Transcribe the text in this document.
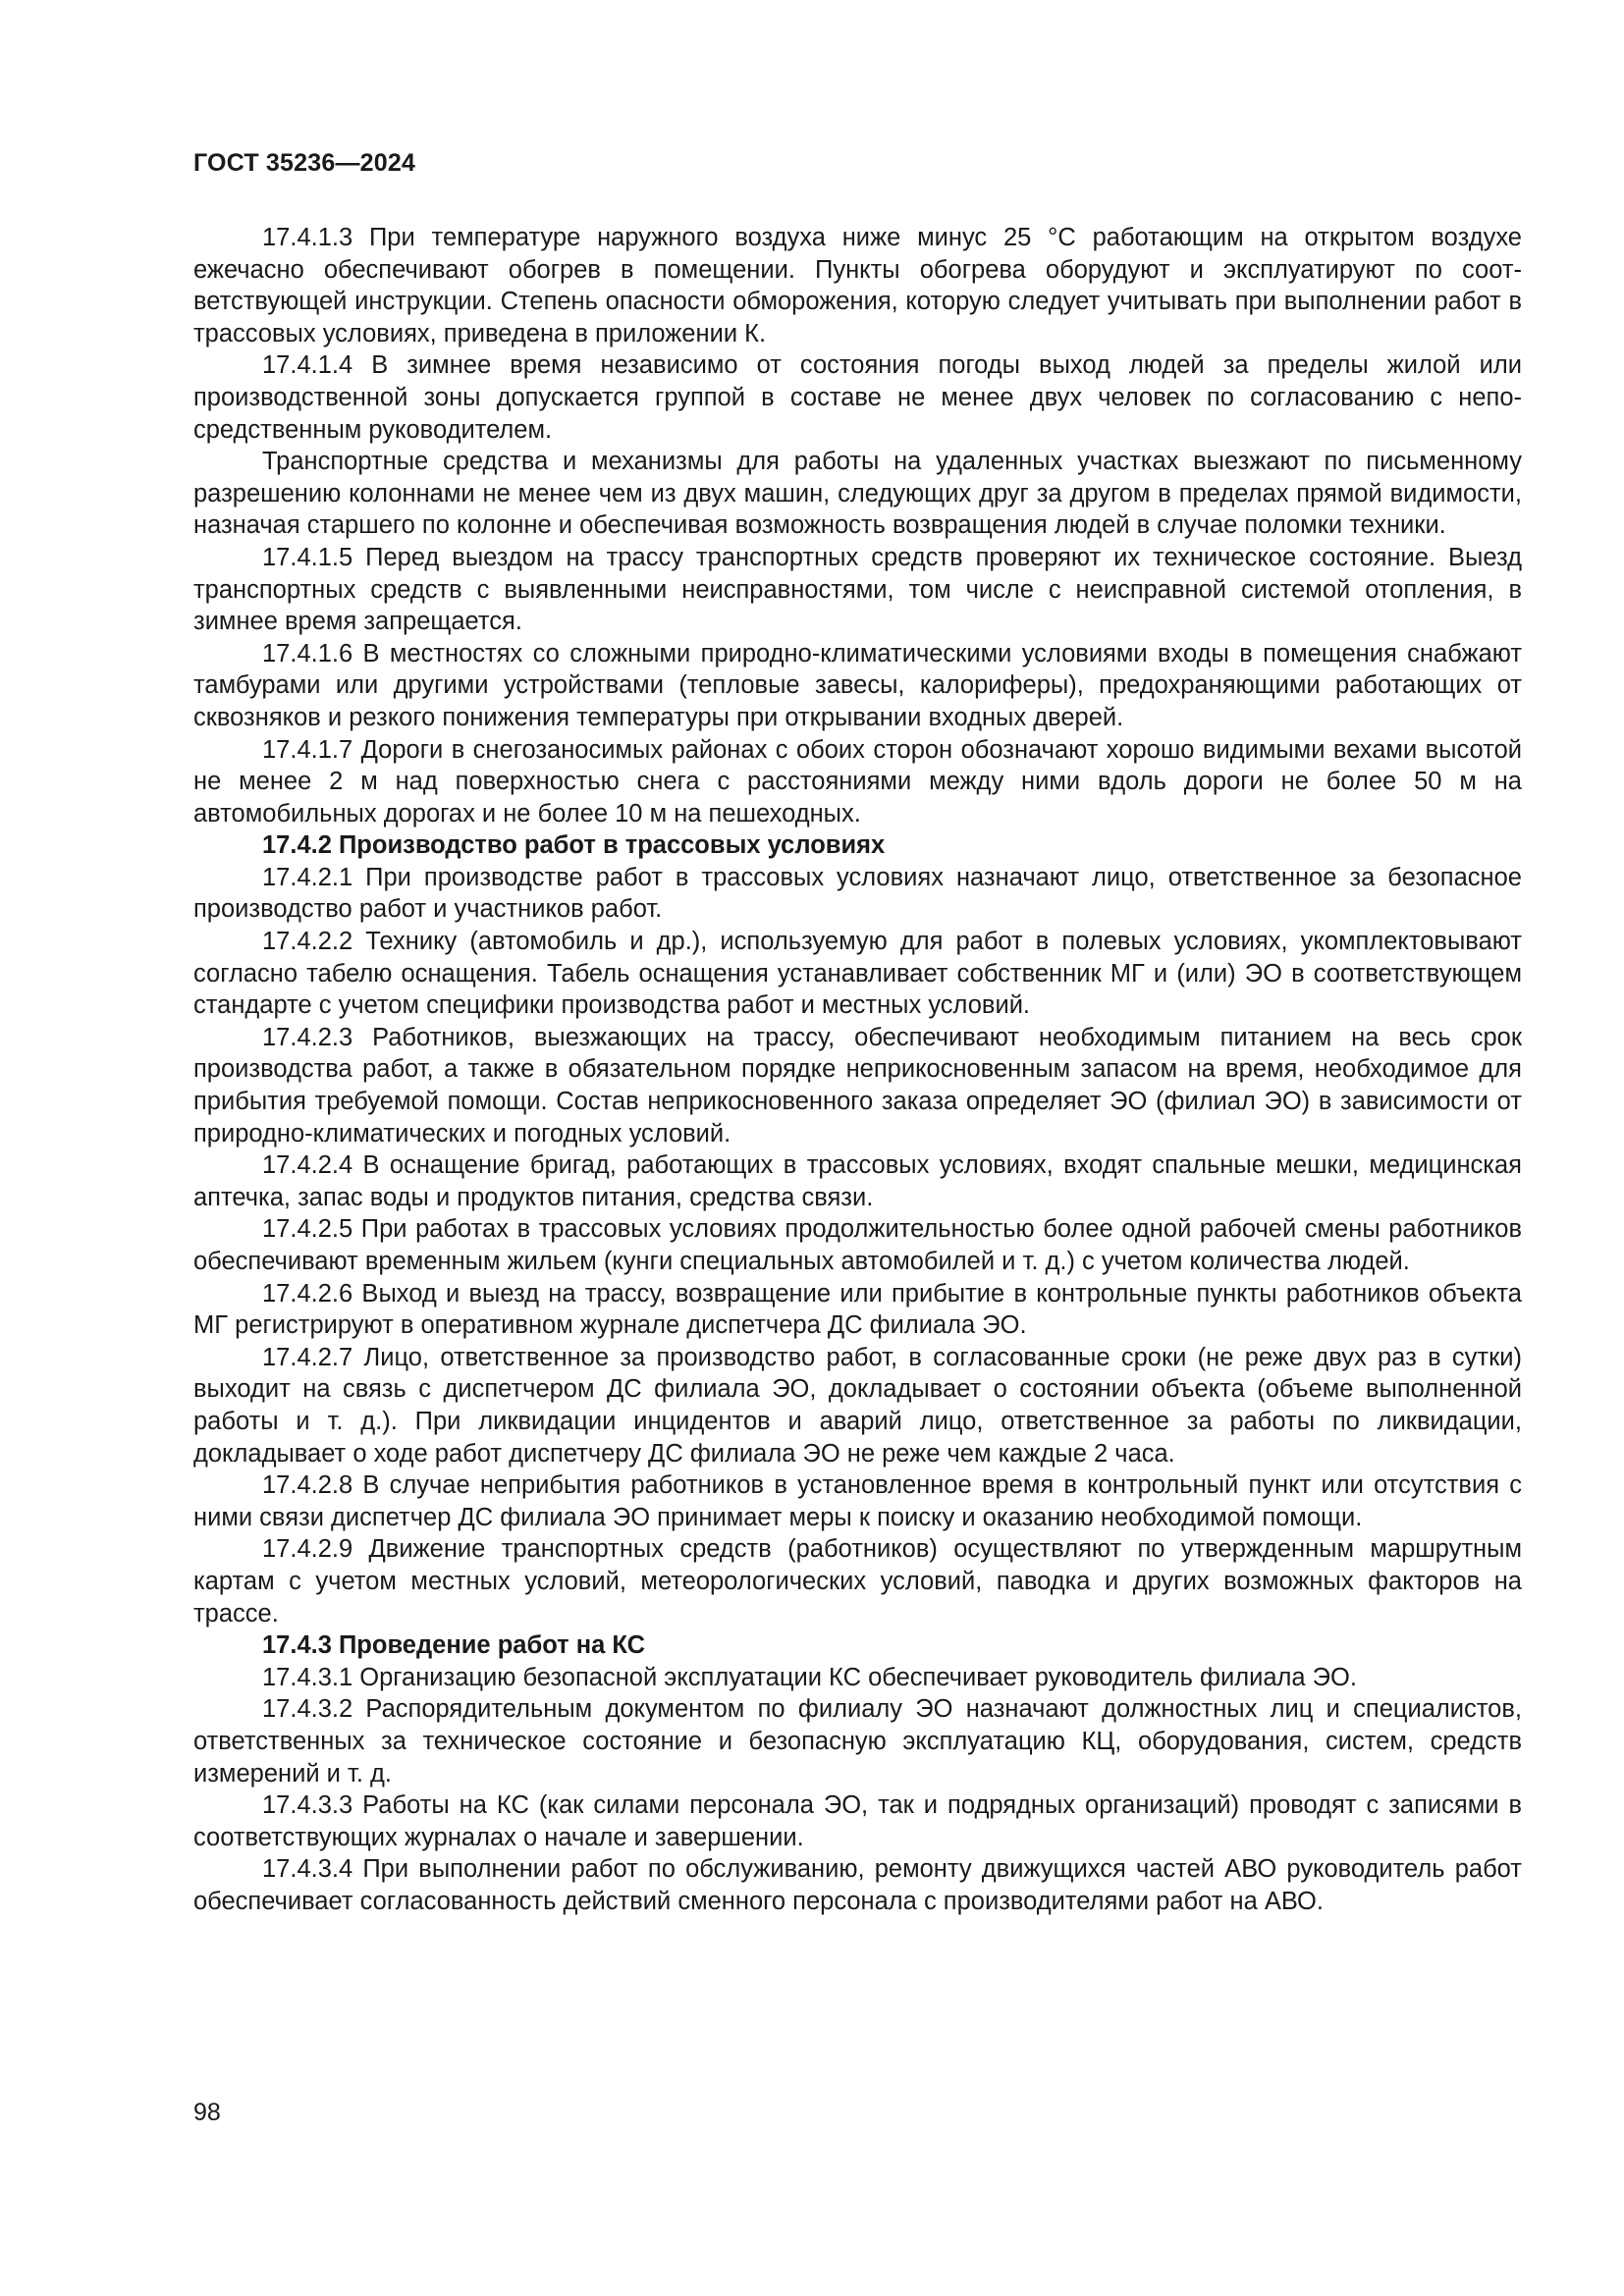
ГОСТ 35236—2024

17.4.1.3 При температуре наружного воздуха ниже минус 25 °С работающим на открытом воздухе ежечасно обеспечивают обогрев в помещении. Пункты обогрева оборудуют и эксплуатируют по соответствующей инструкции. Степень опасности обморожения, которую следует учитывать при выполнении работ в трассовых условиях, приведена в приложении К.

17.4.1.4 В зимнее время независимо от состояния погоды выход людей за пределы жилой или производственной зоны допускается группой в составе не менее двух человек по согласованию с непосредственным руководителем.

Транспортные средства и механизмы для работы на удаленных участках выезжают по письменному разрешению колоннами не менее чем из двух машин, следующих друг за другом в пределах прямой видимости, назначая старшего по колонне и обеспечивая возможность возвращения людей в случае поломки техники.

17.4.1.5 Перед выездом на трассу транспортных средств проверяют их техническое состояние. Выезд транспортных средств с выявленными неисправностями, том числе с неисправной системой отопления, в зимнее время запрещается.

17.4.1.6 В местностях со сложными природно-климатическими условиями входы в помещения снабжают тамбурами или другими устройствами (тепловые завесы, калориферы), предохраняющими работающих от сквозняков и резкого понижения температуры при открывании входных дверей.

17.4.1.7 Дороги в снегозаносимых районах с обоих сторон обозначают хорошо видимыми вехами высотой не менее 2 м над поверхностью снега с расстояниями между ними вдоль дороги не более 50 м на автомобильных дорогах и не более 10 м на пешеходных.

17.4.2 Производство работ в трассовых условиях

17.4.2.1 При производстве работ в трассовых условиях назначают лицо, ответственное за безопасное производство работ и участников работ.

17.4.2.2 Технику (автомобиль и др.), используемую для работ в полевых условиях, укомплектовывают согласно табелю оснащения. Табель оснащения устанавливает собственник МГ и (или) ЭО в соответствующем стандарте с учетом специфики производства работ и местных условий.

17.4.2.3 Работников, выезжающих на трассу, обеспечивают необходимым питанием на весь срок производства работ, а также в обязательном порядке неприкосновенным запасом на время, необходимое для прибытия требуемой помощи. Состав неприкосновенного заказа определяет ЭО (филиал ЭО) в зависимости от природно-климатических и погодных условий.

17.4.2.4 В оснащение бригад, работающих в трассовых условиях, входят спальные мешки, медицинская аптечка, запас воды и продуктов питания, средства связи.

17.4.2.5 При работах в трассовых условиях продолжительностью более одной рабочей смены работников обеспечивают временным жильем (кунги специальных автомобилей и т. д.) с учетом количества людей.

17.4.2.6 Выход и выезд на трассу, возвращение или прибытие в контрольные пункты работников объекта МГ регистрируют в оперативном журнале диспетчера ДС филиала ЭО.

17.4.2.7 Лицо, ответственное за производство работ, в согласованные сроки (не реже двух раз в сутки) выходит на связь с диспетчером ДС филиала ЭО, докладывает о состоянии объекта (объеме выполненной работы и т. д.). При ликвидации инцидентов и аварий лицо, ответственное за работы по ликвидации, докладывает о ходе работ диспетчеру ДС филиала ЭО не реже чем каждые 2 часа.

17.4.2.8 В случае неприбытия работников в установленное время в контрольный пункт или отсутствия с ними связи диспетчер ДС филиала ЭО принимает меры к поиску и оказанию необходимой помощи.

17.4.2.9 Движение транспортных средств (работников) осуществляют по утвержденным маршрутным картам с учетом местных условий, метеорологических условий, паводка и других возможных факторов на трассе.

17.4.3 Проведение работ на КС

17.4.3.1 Организацию безопасной эксплуатации КС обеспечивает руководитель филиала ЭО.

17.4.3.2 Распорядительным документом по филиалу ЭО назначают должностных лиц и специалистов, ответственных за техническое состояние и безопасную эксплуатацию КЦ, оборудования, систем, средств измерений и т. д.

17.4.3.3 Работы на КС (как силами персонала ЭО, так и подрядных организаций) проводят с записями в соответствующих журналах о начале и завершении.

17.4.3.4 При выполнении работ по обслуживанию, ремонту движущихся частей АВО руководитель работ обеспечивает согласованность действий сменного персонала с производителями работ на АВО.

98
